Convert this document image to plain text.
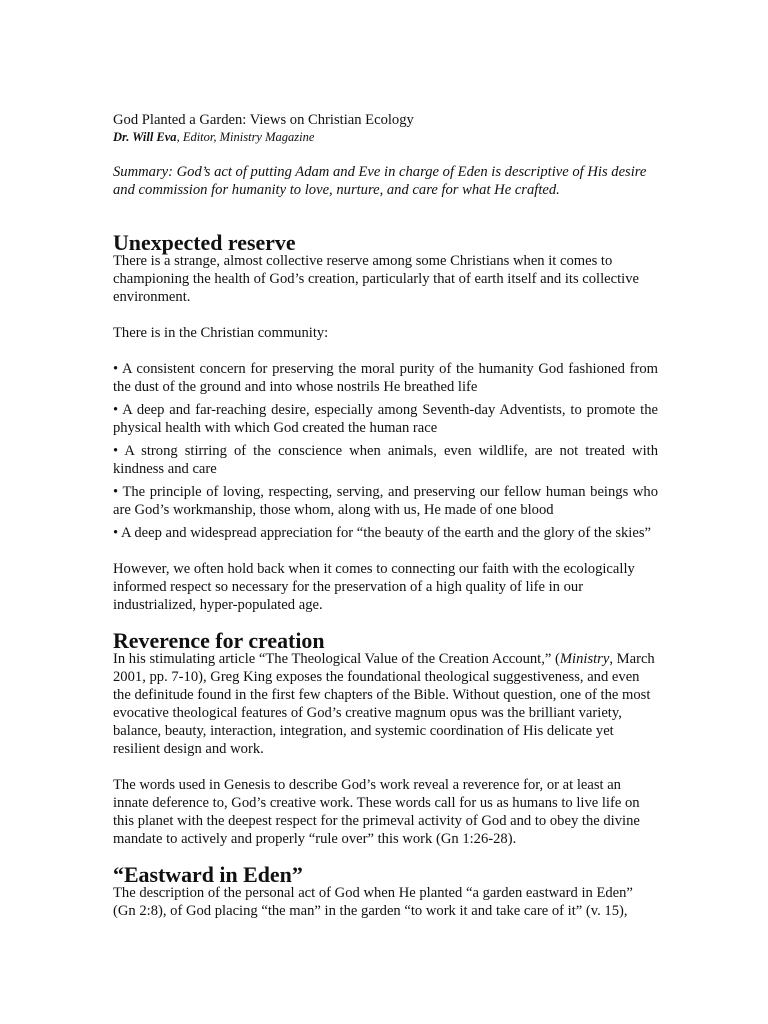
God Planted a Garden: Views on Christian Ecology
Dr. Will Eva, Editor, Ministry Magazine

Summary: God’s act of putting Adam and Eve in charge of Eden is descriptive of His desire and commission for humanity to love, nurture, and care for what He crafted.

Unexpected reserve

There is a strange, almost collective reserve among some Christians when it comes to championing the health of God’s creation, particularly that of earth itself and its collective environment.

There is in the Christian community:

• A consistent concern for preserving the moral purity of the humanity God fashioned from the dust of the ground and into whose nostrils He breathed life
• A deep and far-reaching desire, especially among Seventh-day Adventists, to promote the physical health with which God created the human race
• A strong stirring of the conscience when animals, even wildlife, are not treated with kindness and care
• The principle of loving, respecting, serving, and preserving our fellow human beings who are God’s workmanship, those whom, along with us, He made of one blood
• A deep and widespread appreciation for “the beauty of the earth and the glory of the skies”

However, we often hold back when it comes to connecting our faith with the ecologically informed respect so necessary for the preservation of a high quality of life in our industrialized, hyper-populated age.

Reverence for creation

In his stimulating article “The Theological Value of the Creation Account,” (Ministry, March 2001, pp. 7-10), Greg King exposes the foundational theological suggestiveness, and even the definitude found in the first few chapters of the Bible. Without question, one of the most evocative theological features of God’s creative magnum opus was the brilliant variety, balance, beauty, interaction, integration, and systemic coordination of His delicate yet resilient design and work.

The words used in Genesis to describe God’s work reveal a reverence for, or at least an innate deference to, God’s creative work. These words call for us as humans to live life on this planet with the deepest respect for the primeval activity of God and to obey the divine mandate to actively and properly “rule over” this work (Gn 1:26-28).

“Eastward in Eden”

The description of the personal act of God when He planted “a garden eastward in Eden” (Gn 2:8), of God placing “the man” in the garden “to work it and take care of it” (v. 15),
